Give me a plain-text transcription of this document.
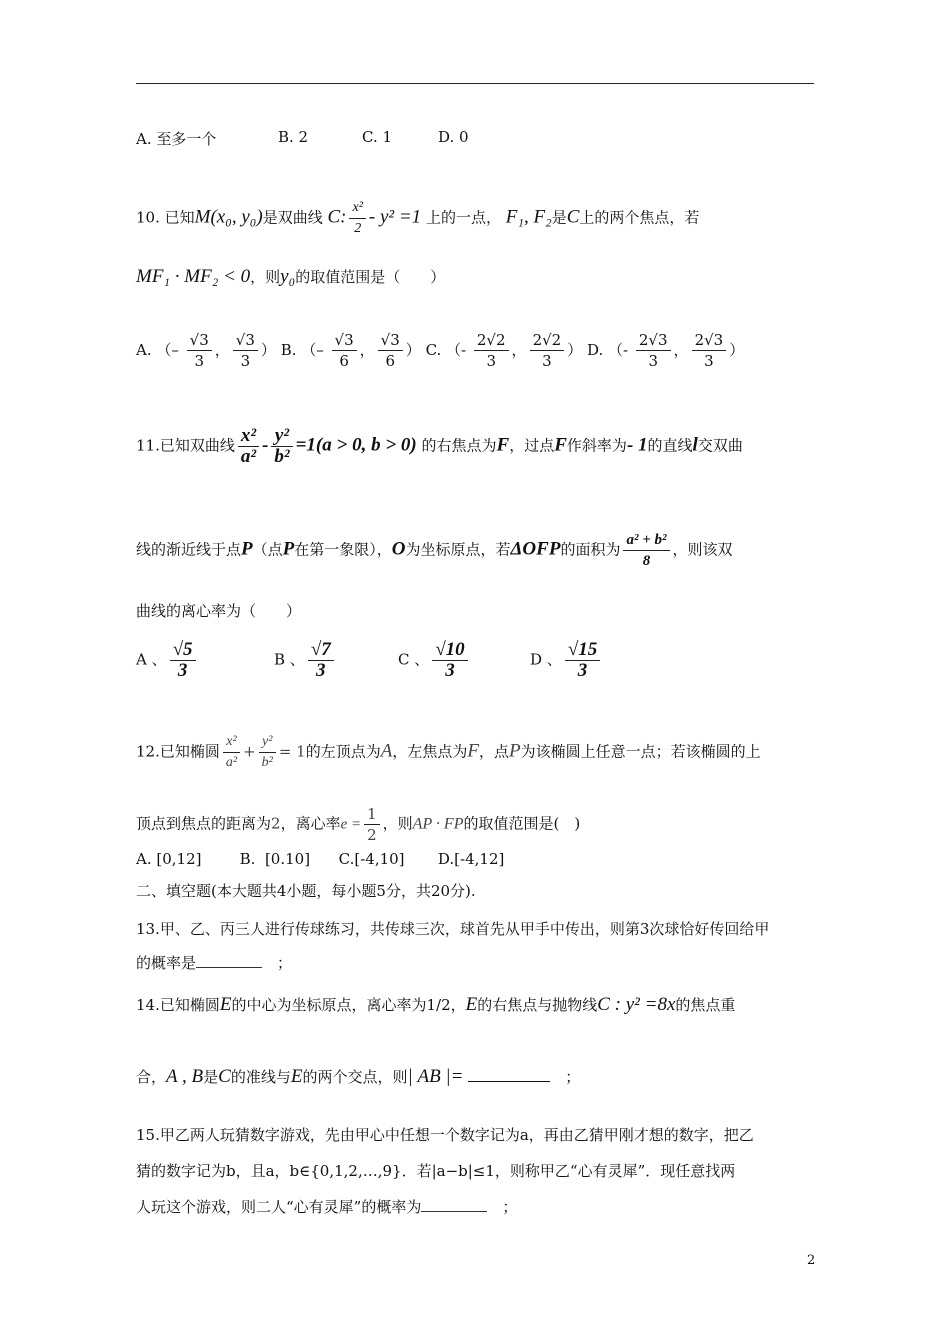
A. 至多一个	B. 2	C. 1	D. 0
10. 已知M(x₀, y₀)是双曲线 C: $\frac{\text{x²}}{2} - y^2 =1$ 上的一点， F₁, F₂是C上的两个焦点，若
MF₁ · MF₂ < 0，则y₀的取值范围是（　　）
A. （– $\frac{√3}{3}$ ， $\frac{√3}{3}$ ） B. （– $\frac{√3}{6}$ ， $\frac{√3}{6}$ ） C. （- $\frac{2√2}{3}$ ， $\frac{2√2}{3}$ ） D. （- $\frac{2√3}{3}$ ， $\frac{2√3}{3}$ ）
11.已知双曲线 $\frac{\text{x²}}{\text{a²}} - \frac{\text{y²}}{\text{b²}} =1(a > 0$, b > 0) 的右焦点为F，过点F作斜率为- 1的直线l交双曲
线的渐近线于点P（点P在第一象限），O为坐标原点，若ΔOFP的面积为 $\frac{\text{a² + b²}}{8}$ ，则该双
曲线的离心率为（　　）
A 、 $\frac{√5}{3}$	B 、 $\frac{√7}{3}$	C 、 $\frac{√10}{3}$	D 、 $\frac{√15}{3}$
12.已知椭圆 $\frac{\text{x²}}{\text{a²}} + \frac{\text{y²}}{\text{b²}} = 1$的左顶点为A，左焦点为F，点P为该椭圆上任意一点；若该椭圆的上
顶点到焦点的距离为2，离心率$e = \frac{1}{2}$ ，则AP · FP的取值范围是(　)
A. [0,12]        B.  [0.10]      C.[-4,10]       D.[-4,12]
二、填空题(本大题共4小题，每小题5分，共20分).
13.甲、乙、丙三人进行传球练习，共传球三次，球首先从甲手中传出，则第3次球恰好传回给甲
的概率是　	；
14.已知椭圆E的中心为坐标原点，离心率为1/2，E的右焦点与抛物线C : y² =8x的焦点重
合，A , B是C的准线与E的两个交点，则| AB |= 　	；
15.甲乙两人玩猜数字游戏，先由甲心中任想一个数字记为a，再由乙猜甲刚才想的数字，把乙
猜的数字记为b，且a，b∈{0,1,2,…,9}．若|a−b|≤1，则称甲乙“心有灵犀”．现任意找两
人玩这个游戏，则二人“心有灵犀”的概率为　	；
2
